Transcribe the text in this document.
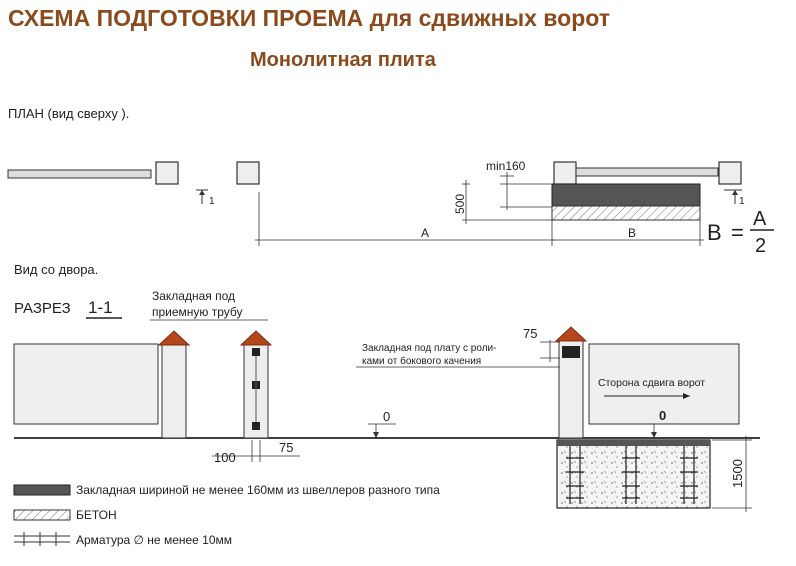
СХЕМА ПОДГОТОВКИ ПРОЕМА для сдвижных ворот
Монолитная плита
ПЛАН (вид сверху ).
1	1
min160
500
A	B	B =
A
2
Вид со двора.
РАЗРЕЗ 1-1
Закладная под
приемную трубу
100
75
0
75
Закладная под плату с роли-
ками от бокового качения
Сторона сдвига ворот
0
1500
Закладная шириной не менее 160мм из швеллеров разного типа
БЕТОН
Арматура ∅ не менее 10мм
